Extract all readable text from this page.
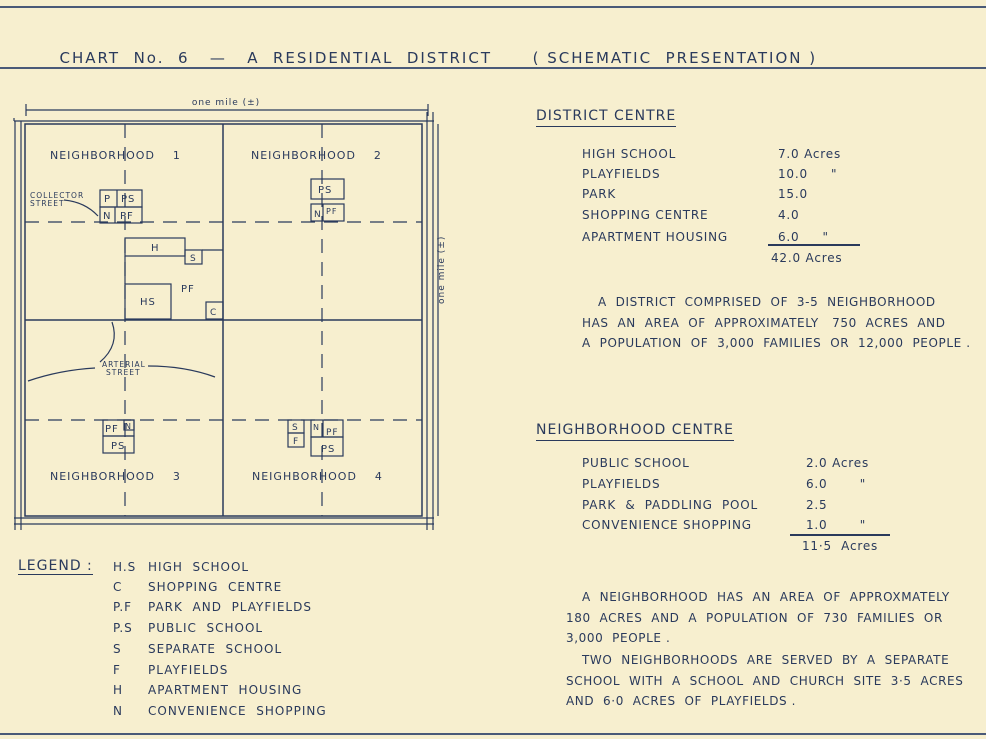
CHART  No.  6 — A  RESIDENTIAL  DISTRICT	( SCHEMATIC  PRESENTATION )

one mile (±)
one mile (±)
NEIGHBORHOOD    1	NEIGHBORHOOD    2
NEIGHBORHOOD    3	NEIGHBORHOOD    4
COLLECTOR
STREET
ARTERIAL
STREET
P PS
N PF
PS
N PF
H
S
PF
HS
C
PF N
PS
S
F
N
PF
PS
DISTRICT CENTRE
HIGH SCHOOL	7.0 Acres
PLAYFIELDS	10.0     "
PARK	15.0
SHOPPING CENTRE	4.0
APARTMENT HOUSING	6.0     "
42.0 Acres
A  DISTRICT  COMPRISED  OF  3-5  NEIGHBORHOOD
HAS  AN  AREA  OF  APPROXIMATELY   750  ACRES  AND
A  POPULATION  OF  3,000  FAMILIES  OR  12,000  PEOPLE .
NEIGHBORHOOD CENTRE
PUBLIC SCHOOL	2.0 Acres
PLAYFIELDS	6.0       "
PARK  &  PADDLING  POOL	2.5
CONVENIENCE SHOPPING	1.0       "
11·5  Acres
A  NEIGHBORHOOD  HAS  AN  AREA  OF  APPROXMATELY
180  ACRES  AND  A  POPULATION  OF  730  FAMILIES  OR
3,000  PEOPLE .
TWO  NEIGHBORHOODS  ARE  SERVED  BY  A  SEPARATE
SCHOOL  WITH  A  SCHOOL  AND  CHURCH  SITE  3·5  ACRES
AND  6·0  ACRES  OF  PLAYFIELDS .
LEGEND : H.S HIGH  SCHOOL
C SHOPPING  CENTRE
P.F PARK  AND  PLAYFIELDS
P.S PUBLIC  SCHOOL
S SEPARATE  SCHOOL
F PLAYFIELDS
H APARTMENT  HOUSING
N CONVENIENCE  SHOPPING
